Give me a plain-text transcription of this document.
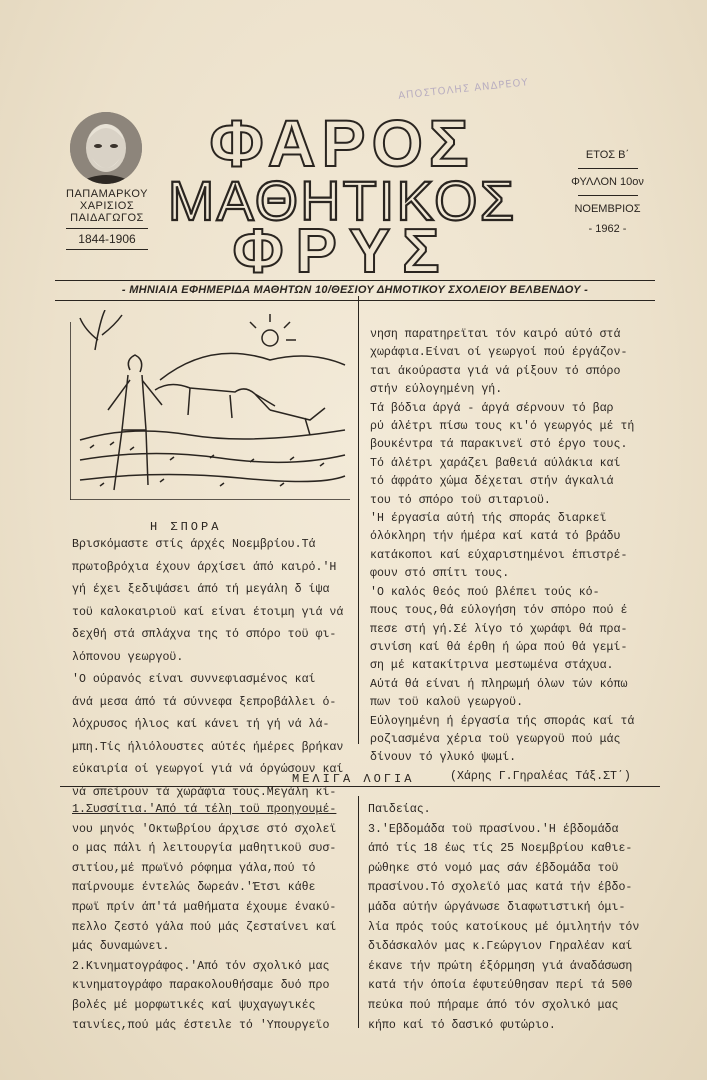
ΑΠΟΣΤΟΛΗΣ ΑΝΔΡΕΟΥ
ΠΑΠΑΜΑΡΚΟΥ
ΧΑΡΙΣΙΟΣ
ΠΑΙΔΑΓΩΓΟΣ
1844-1906
ΦΑΡΟΣ
ΜΑΘΗΤΙΚΟΣ
ΦΡΥΣ
ΕΤΟΣ Β΄
ΦΥΛΛΟΝ 10ον
ΝΟΕΜΒΡΙΟΣ
- 1962 -
- ΜΗΝΙΑΙΑ ΕΦΗΜΕΡΙΔΑ ΜΑΘΗΤΩΝ 10/ΘΕΣΙΟΥ ΔΗΜΟΤΙΚΟΥ ΣΧΟΛΕΙΟΥ ΒΕΛΒΕΝΔΟΥ -
Η ΣΠΟΡΑ

Βρισκόμαστε στίς άρχές Νοεμβρίου.Τά

πρωτοβρόχια έχουν άρχίσει άπό καιρό.'Η

γή έχει ξεδιψάσει άπό τή μεγάλη δ ίψα

τοϋ καλοκαιριοϋ καί είναι έτοιμη γιά νά

δεχθή στά σπλάχνα της τό σπόρο τοϋ φι-

λόπονου γεωργοϋ.

'Ο ούρανός είναι συννεφιασμένος καί

άνά μεσα άπό τά σύννεφα ξεπροβάλλει ό-

λόχρυσος ήλιος καί κάνει τή γή νά λά-

μπη.Τίς ήλιόλουστες αύτές ήμέρες βρήκαν

εύκαιρία οί γεωργοί γιά νά όργώσουν καί

νά σπείρουν τά χωράφια τους.Μεγάλη κί-

νηση παρατηρεϊται τόν καιρό αύτό στά

χωράφια.Είναι οί γεωργοί πού έργάζον-

ται άκούραστα γιά νά ρίξουν τό σπόρο

στήν εύλογημένη γή.

Τά βόδια άργά - άργά σέρνουν τό βαρ

ρύ άλέτρι πίσω τους κι'ό γεωργός μέ τή

βουκέντρα τά παρακινεϊ στό έργο τους.

Τό άλέτρι χαράζει βαθειά αύλάκια καί

τό άφράτο χώμα δέχεται στήν άγκαλιά

του τό σπόρο τοϋ σιταριοϋ.

'Η έργασία αύτή τής σποράς διαρκεϊ

όλόκληρη τήν ήμέρα καί κατά τό βράδυ

κατάκοποι καί εύχαριστημένοι έπιστρέ-

φουν στό σπίτι τους.

'Ο καλός θεός πού βλέπει τούς κό-

πους τους,θά εύλογήση τόν σπόρο πού έ

πεσε στή γή.Σέ λίγο τό χωράφι θά πρα-

σινίση καί θά έρθη ή ώρα πού θά γεμί-

ση μέ κατακίτρινα μεστωμένα στάχυα.

Αύτά θά είναι ή πληρωμή όλων τών κόπω

πων τοϋ καλοϋ γεωργοϋ.

Εύλογημένη ή έργασία τής σποράς καί τά

ροζιασμένα χέρια τοϋ γεωργοϋ πού μάς

δίνουν τό γλυκό ψωμί.

(Χάρης Γ.Γηραλέας Τάξ.ΣΤ΄)

ΜΕΛΙΓΑ ΛΟΓΙΑ

1.Συσσίτια.'Από τά τέλη τοϋ προηγουμέ-

νου μηνός 'Οκτωβρίου άρχισε στό σχολεϊ

ο μας πάλι ή λειτουργία μαθητικοϋ συσ-

σιτίου,μέ πρωϊνό ρόφημα γάλα,πού τό

παίρνουμε έντελώς δωρεάν.'Έτσι κάθε

πρωϊ πρίν άπ'τά μαθήματα έχουμε ένακύ-

πελλο ζεστό γάλα πού μάς ζεσταίνει καί

μάς δυναμώνει.

2.Κινηματογράφος.'Από τόν σχολικό μας

κινηματογράφο παρακολουθήσαμε δυό προ

βολές μέ μορφωτικές καί ψυχαγωγικές

ταινίες,πού μάς έστειλε τό 'Υπουργεϊο

Παιδείας.

3.'Εβδομάδα τοϋ πρασίνου.'Η έβδομάδα

άπό τίς 18 έως τίς 25 Νοεμβρίου καθιε-

ρώθηκε στό νομό μας σάν έβδομάδα τοϋ

πρασίνου.Τό σχολεϊό μας κατά τήν έβδο-

μάδα αύτήν ώργάνωσε διαφωτιστική όμι-

λία πρός τούς κατοίκους μέ όμιλητήν τόν

διδάσκαλόν μας κ.Γεώργιον Γηραλέαν καί

έκανε τήν πρώτη έξόρμηση γιά άναδάσωση

κατά τήν όποία έφυτεύθησαν περί τά 500

πεύκα πού πήραμε άπό τόν σχολικό μας

κήπο καί τό δασικό φυτώριο.
